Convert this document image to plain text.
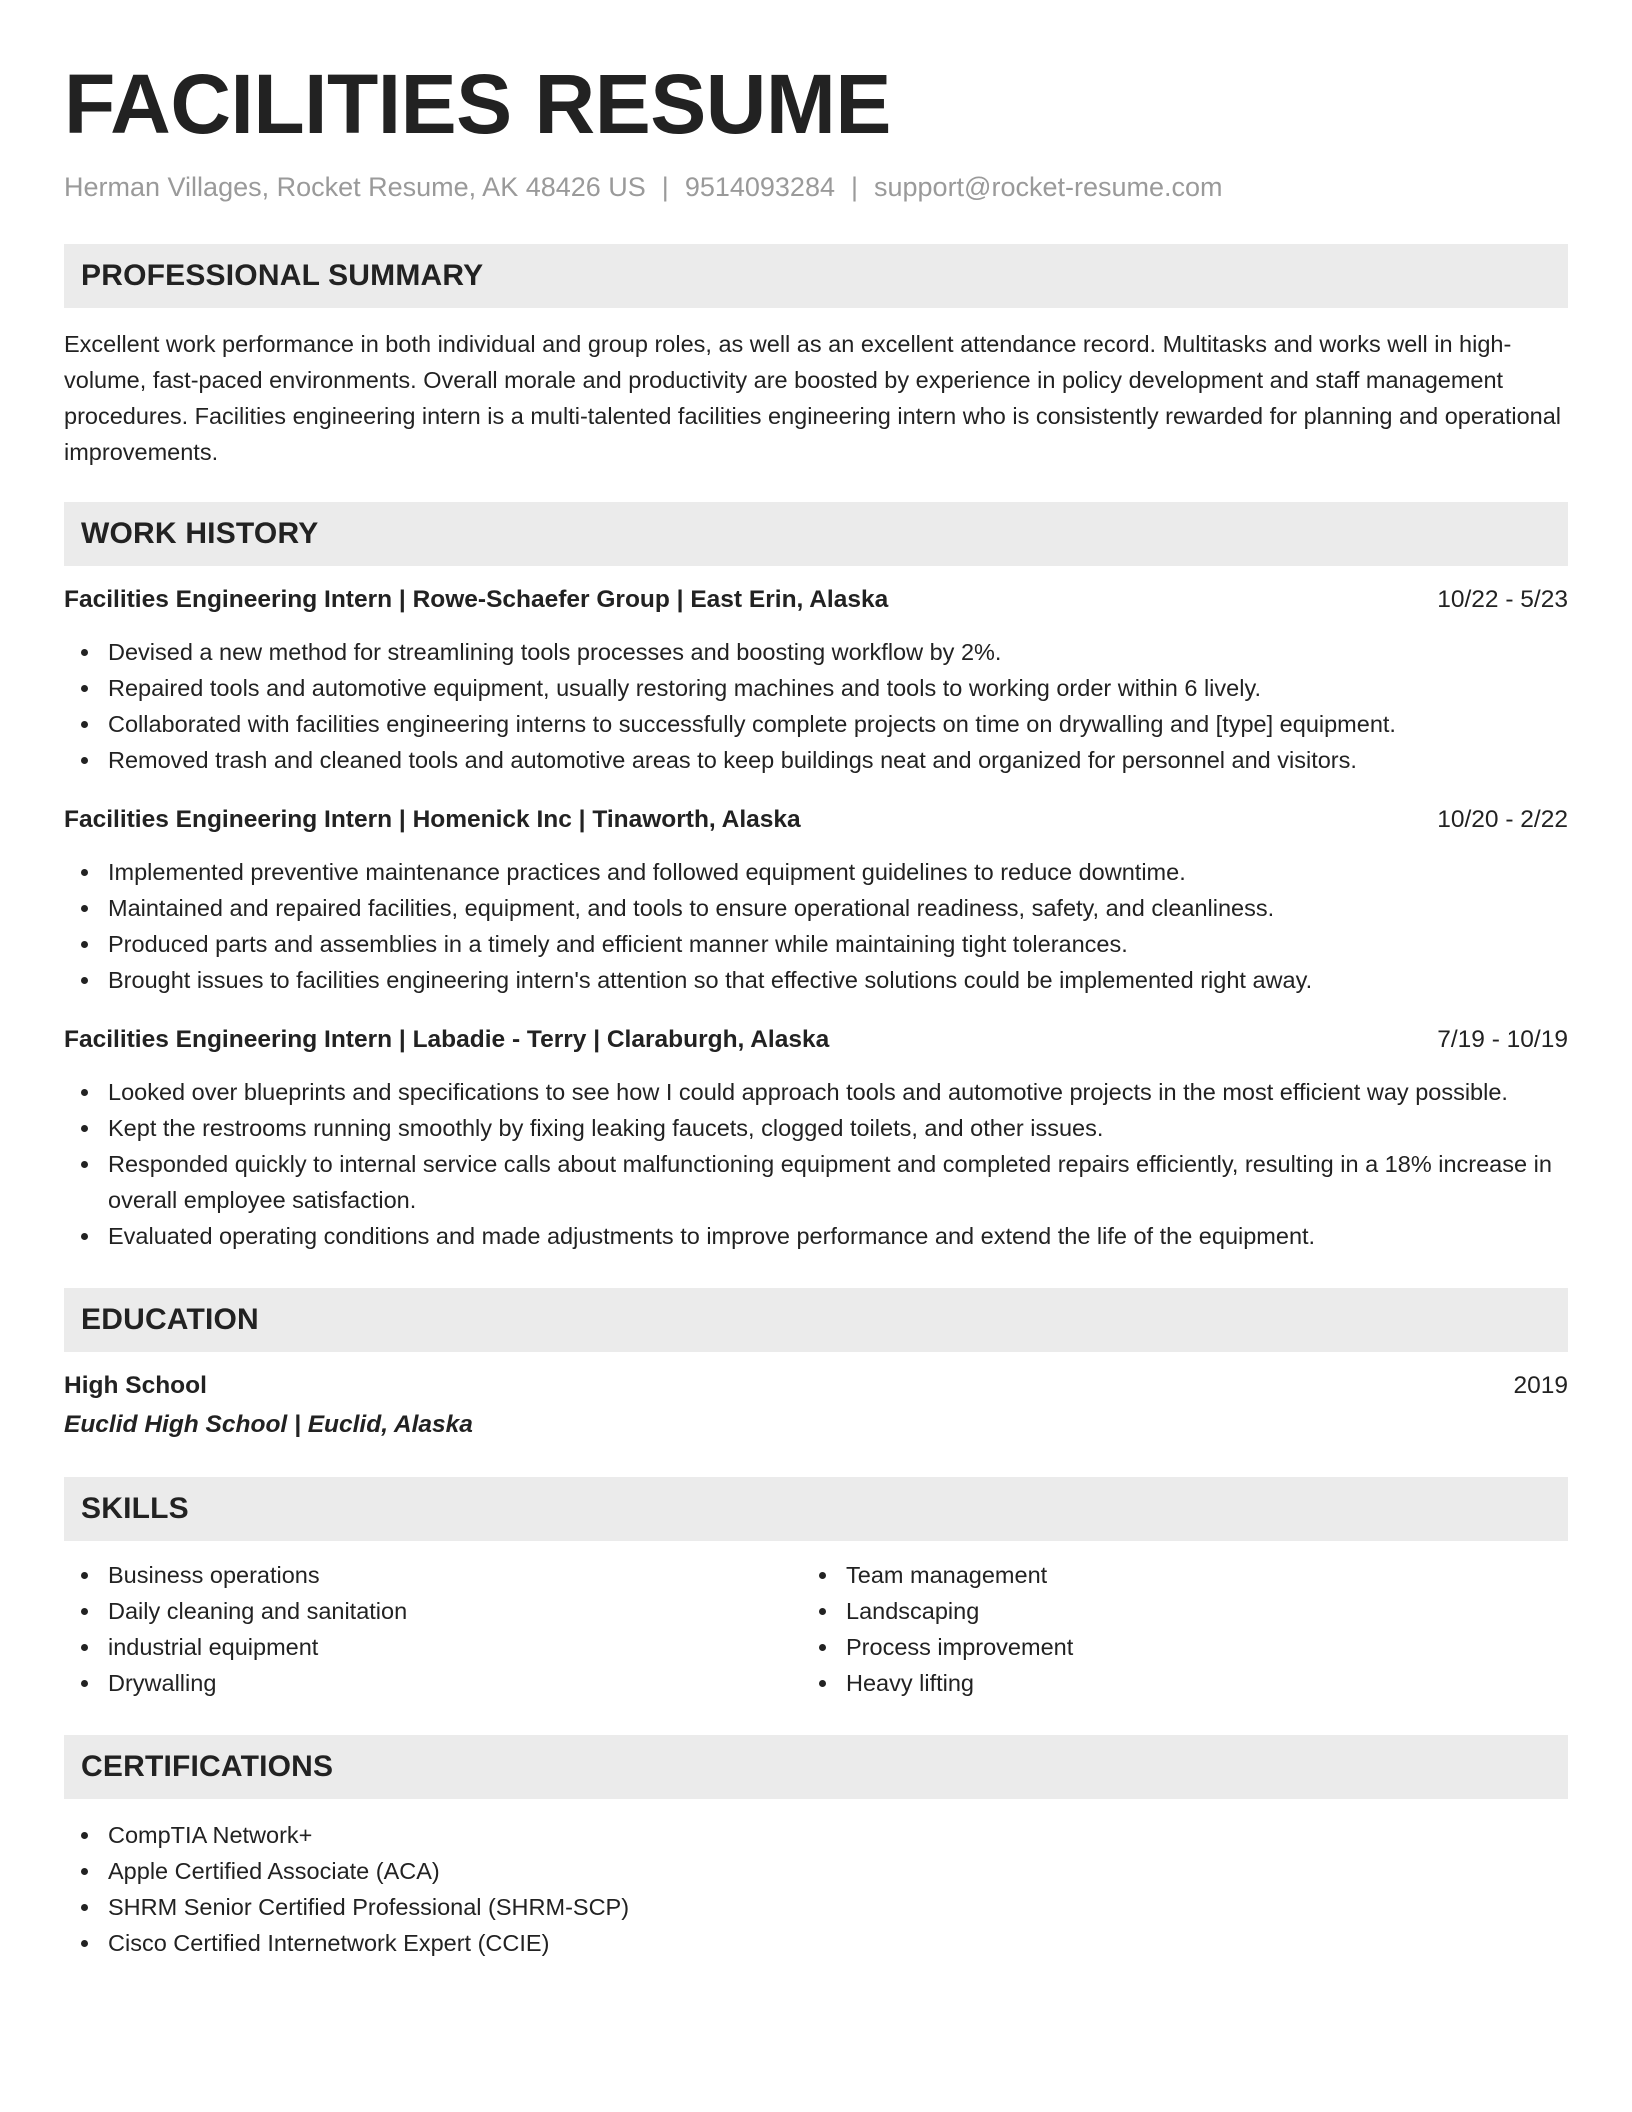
FACILITIES RESUME
Herman Villages, Rocket Resume, AK 48426 US | 9514093284 | support@rocket-resume.com
PROFESSIONAL SUMMARY
Excellent work performance in both individual and group roles, as well as an excellent attendance record. Multitasks and works well in high-volume, fast-paced environments. Overall morale and productivity are boosted by experience in policy development and staff management procedures. Facilities engineering intern is a multi-talented facilities engineering intern who is consistently rewarded for planning and operational improvements.
WORK HISTORY
Facilities Engineering Intern | Rowe-Schaefer Group | East Erin, Alaska	10/22 - 5/23
Devised a new method for streamlining tools processes and boosting workflow by 2%.
Repaired tools and automotive equipment, usually restoring machines and tools to working order within 6 lively.
Collaborated with facilities engineering interns to successfully complete projects on time on drywalling and [type] equipment.
Removed trash and cleaned tools and automotive areas to keep buildings neat and organized for personnel and visitors.
Facilities Engineering Intern | Homenick Inc | Tinaworth, Alaska	10/20 - 2/22
Implemented preventive maintenance practices and followed equipment guidelines to reduce downtime.
Maintained and repaired facilities, equipment, and tools to ensure operational readiness, safety, and cleanliness.
Produced parts and assemblies in a timely and efficient manner while maintaining tight tolerances.
Brought issues to facilities engineering intern's attention so that effective solutions could be implemented right away.
Facilities Engineering Intern | Labadie - Terry | Claraburgh, Alaska	7/19 - 10/19
Looked over blueprints and specifications to see how I could approach tools and automotive projects in the most efficient way possible.
Kept the restrooms running smoothly by fixing leaking faucets, clogged toilets, and other issues.
Responded quickly to internal service calls about malfunctioning equipment and completed repairs efficiently, resulting in a 18% increase in overall employee satisfaction.
Evaluated operating conditions and made adjustments to improve performance and extend the life of the equipment.
EDUCATION
High School	2019
Euclid High School | Euclid, Alaska
SKILLS
Business operations
Daily cleaning and sanitation
industrial equipment
Drywalling
Team management
Landscaping
Process improvement
Heavy lifting
CERTIFICATIONS
CompTIA Network+
Apple Certified Associate (ACA)
SHRM Senior Certified Professional (SHRM-SCP)
Cisco Certified Internetwork Expert (CCIE)
